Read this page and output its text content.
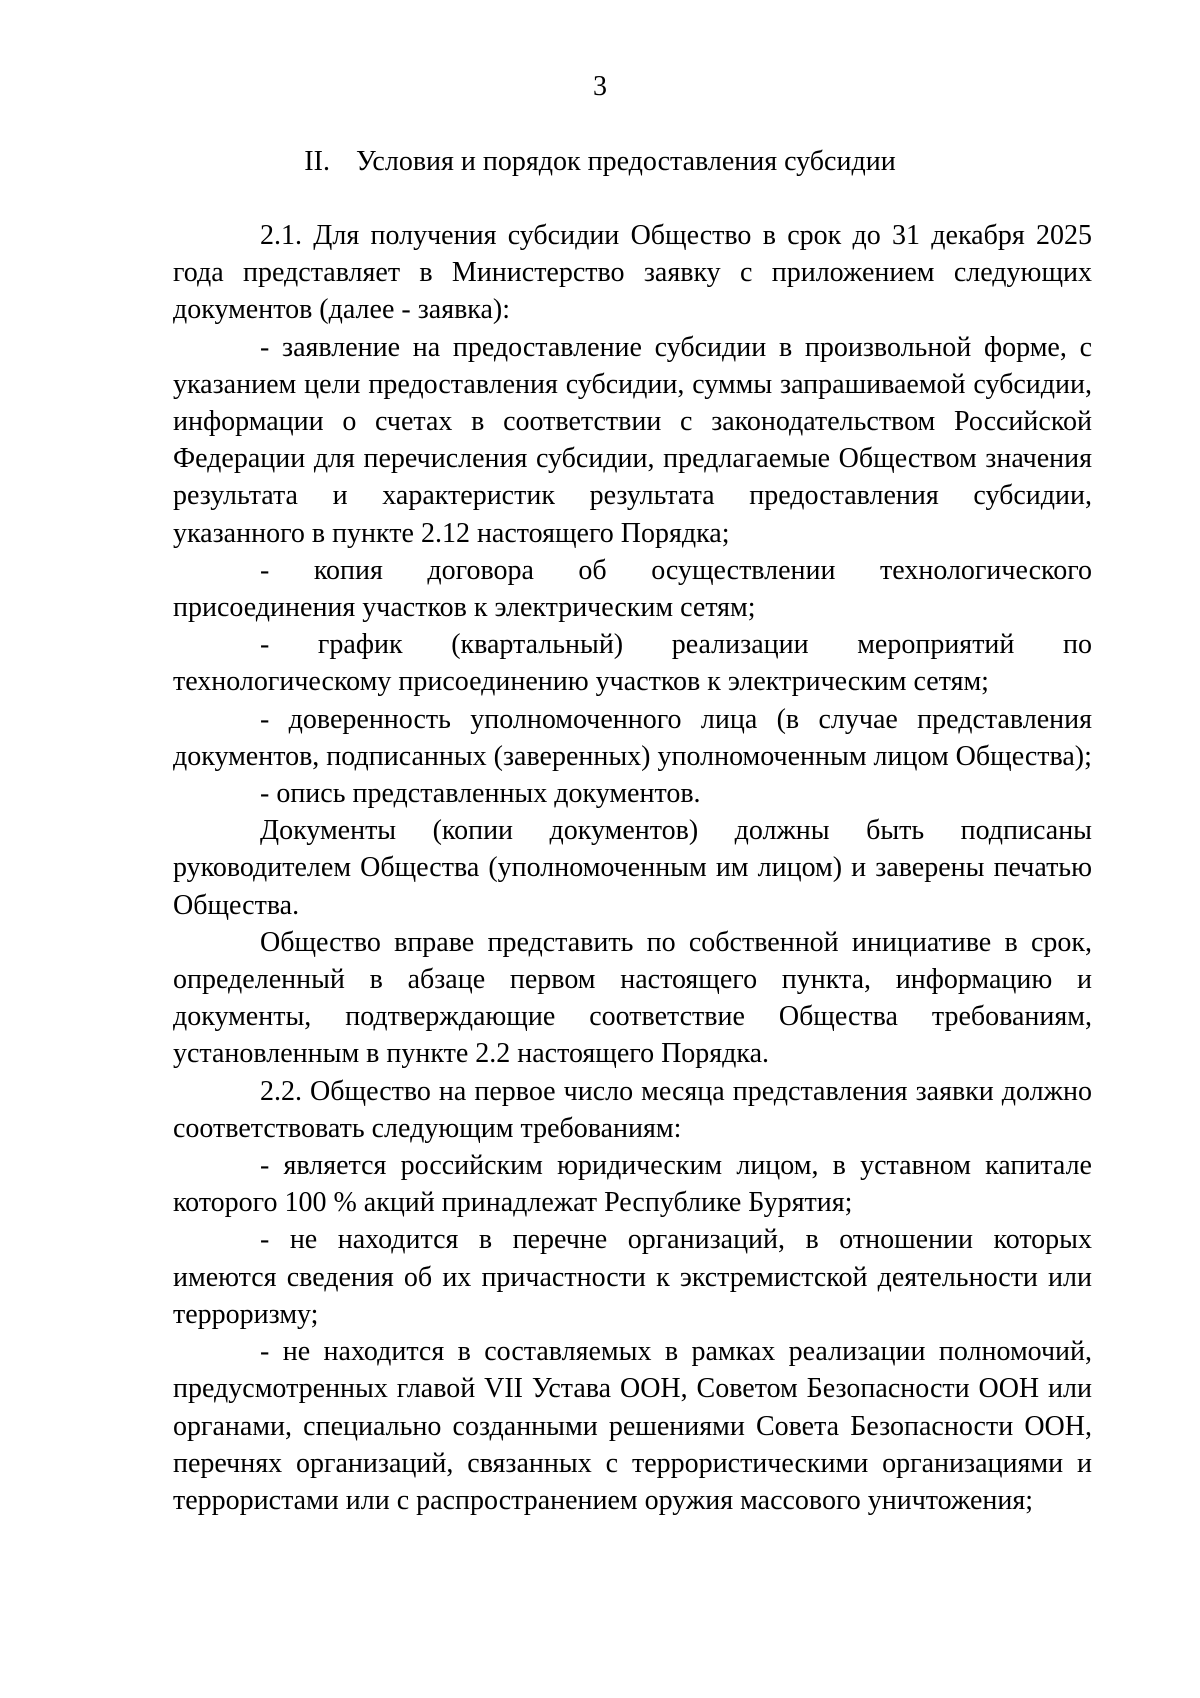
3
II. Условия и порядок предоставления субсидии

2.1. Для получения субсидии Общество в срок до 31 декабря 2025 года представляет в Министерство заявку с приложением следующих документов (далее - заявка):

- заявление на предоставление субсидии в произвольной форме, с указанием цели предоставления субсидии, суммы запрашиваемой субсидии, информации о счетах в соответствии с законодательством Российской Федерации для перечисления субсидии, предлагаемые Обществом значения результата и характеристик результата предоставления субсидии, указанного в пункте 2.12 настоящего Порядка;

- копия договора об осуществлении технологического присоединения участков к электрическим сетям;

- график (квартальный) реализации мероприятий по технологическому присоединению участков к электрическим сетям;

- доверенность уполномоченного лица (в случае представления документов, подписанных (заверенных) уполномоченным лицом Общества);

- опись представленных документов.

Документы (копии документов) должны быть подписаны руководителем Общества (уполномоченным им лицом) и заверены печатью Общества.

Общество вправе представить по собственной инициативе в срок, определенный в абзаце первом настоящего пункта, информацию и документы, подтверждающие соответствие Общества требованиям, установленным в пункте 2.2 настоящего Порядка.

2.2. Общество на первое число месяца представления заявки должно соответствовать следующим требованиям:

- является российским юридическим лицом, в уставном капитале которого 100 % акций принадлежат Республике Бурятия;

- не находится в перечне организаций, в отношении которых имеются сведения об их причастности к экстремистской деятельности или терроризму;

- не находится в составляемых в рамках реализации полномочий, предусмотренных главой VII Устава ООН, Советом Безопасности ООН или органами, специально созданными решениями Совета Безопасности ООН, перечнях организаций, связанных с террористическими организациями и террористами или с распространением оружия массового уничтожения;
